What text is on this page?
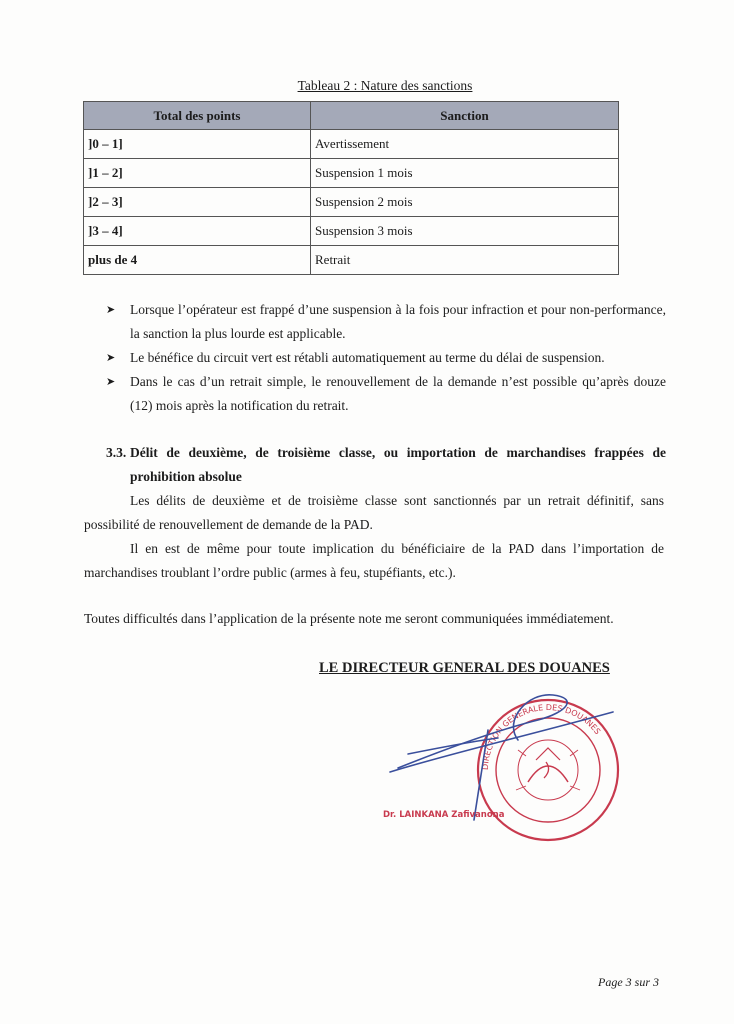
Tableau 2 : Nature des sanctions
Total des points	Sanction
]0 – 1]	Avertissement
]1 – 2]	Suspension 1 mois
]2 – 3]	Suspension 2 mois
]3 – 4]	Suspension 3 mois
plus de 4	Retrait
➤ Lorsque l’opérateur est frappé d’une suspension à la fois pour infraction et pour non-performance, la sanction la plus lourde est applicable.
➤ Le bénéfice du circuit vert est rétabli automatiquement au terme du délai de suspension.
➤ Dans le cas d’un retrait simple, le renouvellement de la demande n’est possible qu’après douze (12) mois après la notification du retrait.
3.3. Délit de deuxième, de troisième classe, ou importation de marchandises frappées de prohibition absolue
Les délits de deuxième et de troisième classe sont sanctionnés par un retrait définitif, sans possibilité de renouvellement de demande de la PAD.
Il en est de même pour toute implication du bénéficiaire de la PAD dans l’importation de marchandises troublant l’ordre public (armes à feu, stupéfiants, etc.).
Toutes difficultés dans l’application de la présente note me seront communiquées immédiatement.
LE DIRECTEUR GENERAL DES DOUANES
DIRECTION GENERALE DES DOUANES
Dr. LAINKANA Zafivanona
Page 3 sur 3
